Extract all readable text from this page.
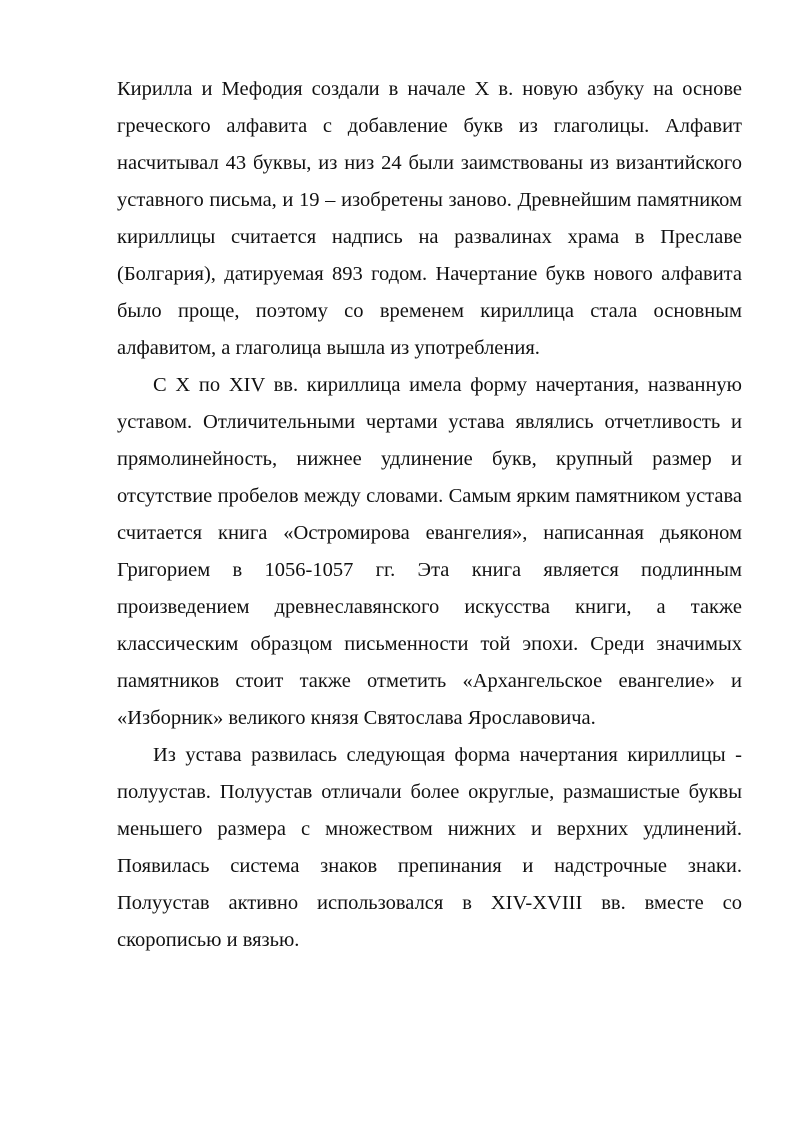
Кирилла и Мефодия создали в начале Х в. новую азбуку на основе греческого алфавита с добавление букв из глаголицы. Алфавит насчитывал 43 буквы, из низ 24 были заимствованы из византийского уставного письма, и 19 – изобретены заново. Древнейшим памятником кириллицы считается надпись на развалинах храма в Преславе (Болгария), датируемая 893 годом. Начертание букв нового алфавита было проще, поэтому со временем кириллица стала основным алфавитом, а глаголица вышла из употребления.

С Х по XIV вв. кириллица имела форму начертания, названную уставом. Отличительными чертами устава являлись отчетливость и прямолинейность, нижнее удлинение букв, крупный размер и отсутствие пробелов между словами. Самым ярким памятником устава считается книга «Остромирова евангелия», написанная дьяконом Григорием в 1056-1057 гг. Эта книга является подлинным произведением древнеславянского искусства книги, а также классическим образцом письменности той эпохи. Среди значимых памятников стоит также отметить «Архангельское евангелие» и «Изборник» великого князя Святослава Ярославовича.

Из устава развилась следующая форма начертания кириллицы - полуустав. Полуустав отличали более округлые, размашистые буквы меньшего размера с множеством нижних и верхних удлинений. Появилась система знаков препинания и надстрочные знаки. Полуустав активно использовался в XIV-XVIII вв. вместе со скорописью и вязью.
